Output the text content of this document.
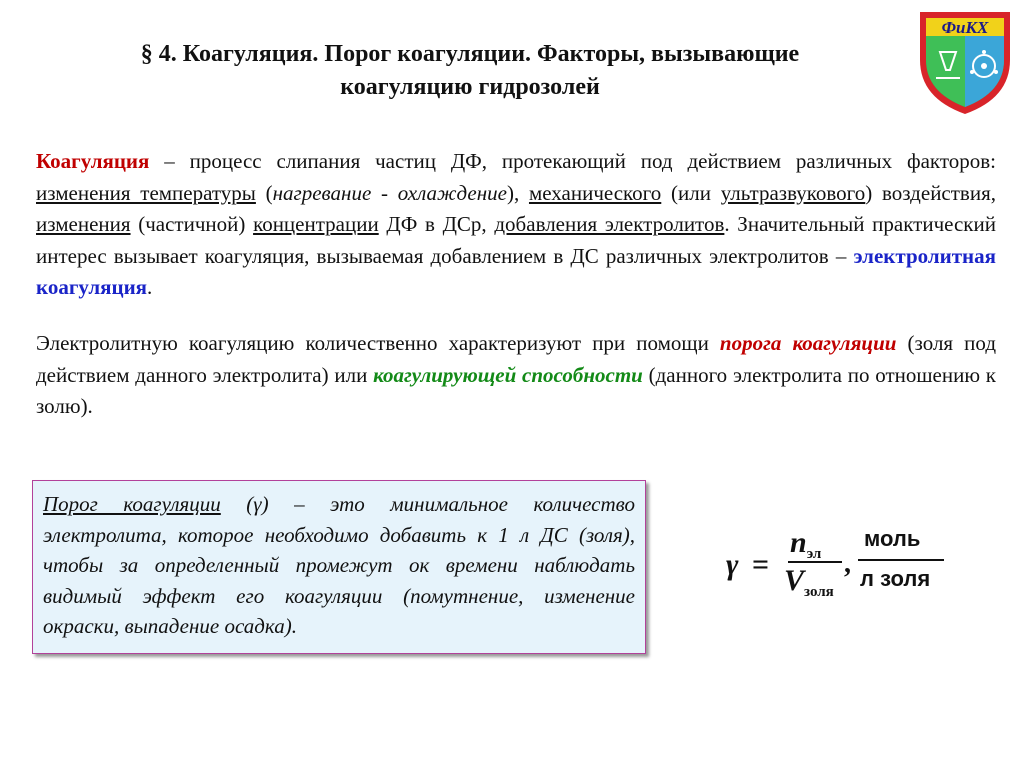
§ 4. Коагуляция. Порог коагуляции. Факторы, вызывающие
коагуляцию гидрозолей
ФиКХ
Коагуляция – процесс слипания частиц ДФ, протекающий под действием различных факторов: изменения температуры (нагревание - охлаждение), механического (или ультразвукового) воздействия, изменения (частичной) концентрации ДФ в ДСр, добавления электролитов. Значительный практический интерес вызывает коагуляция, вызываемая добавлением в ДС различных электролитов – электролитная коагуляция.
Электролитную коагуляцию количественно характеризуют при помощи порога коагуляции (золя под действием данного электролита) или коагулирующей способности (данного электролита по отношению к золю).
Порог коагуляции (γ) – это минимальное количество электролита, которое необходимо добавить к 1 л ДС (золя), чтобы за определенный промежут ок времени наблюдать видимый эффект его коагуляции (помутнение, изменение окраски, выпадение осадка).
γ =
$n_{эл}$
$V_{золя}$
,
моль
л золя
